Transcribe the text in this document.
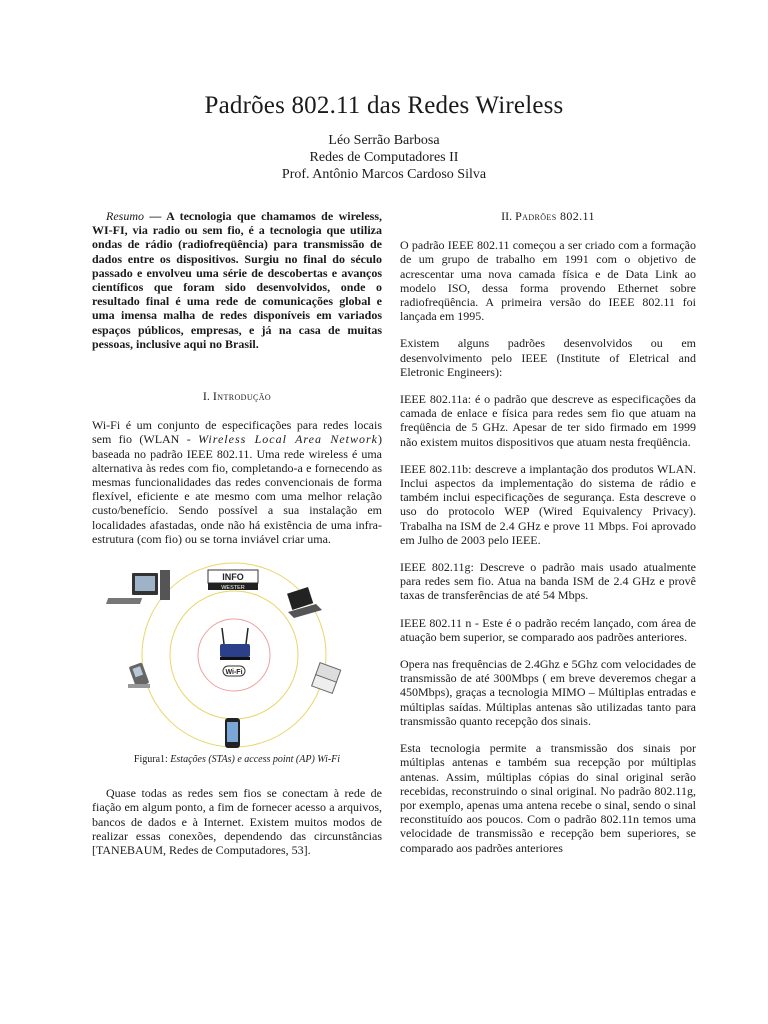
Padrões 802.11 das Redes Wireless
Léo Serrão Barbosa
Redes de Computadores II
Prof. Antônio Marcos Cardoso Silva

Resumo — A tecnologia que chamamos de wireless, WI-FI, via radio ou sem fio, é a tecnologia que utiliza ondas de rádio (radiofreqüência) para transmissão de dados entre os dispositivos. Surgiu no final do século passado e envolveu uma série de descobertas e avanços científicos que foram sido desenvolvidos, onde o resultado final é uma rede de comunicações global e uma imensa malha de redes disponíveis em variados espaços públicos, empresas, e já na casa de muitas pessoas, inclusive aqui no Brasil.

I. Introdução

Wi-Fi é um conjunto de especificações para redes locais sem fio (WLAN - Wireless Local Area Network) baseada no padrão IEEE 802.11. Uma rede wireless é uma alternativa às redes com fio, completando-a e fornecendo as mesmas funcionalidades das redes convencionais de forma flexível, eficiente e ate mesmo com uma melhor relação custo/benefício. Sendo possível a sua instalação em localidades afastadas, onde não há existência de uma infra-estrutura (com fio) ou se torna inviável criar uma.

INFO
WESTER
Wi-Fi

Figura1: Estações (STAs) e access point (AP) Wi-Fi

Quase todas as redes sem fios se conectam à rede de fiação em algum ponto, a fim de fornecer acesso a arquivos, bancos de dados e à Internet. Existem muitos modos de realizar essas conexões, dependendo das circunstâncias [TANEBAUM, Redes de Computadores, 53].

II. Padrões 802.11

O padrão IEEE 802.11 começou a ser criado com a formação de um grupo de trabalho em 1991 com o objetivo de acrescentar uma nova camada física e de Data Link ao modelo ISO, dessa forma provendo Ethernet sobre radiofreqüência. A primeira versão do IEEE 802.11 foi lançada em 1995.

Existem alguns padrões desenvolvidos ou em desenvolvimento pelo IEEE (Institute of Eletrical and Eletronic Engineers):

IEEE 802.11a: é o padrão que descreve as especificações da camada de enlace e física para redes sem fio que atuam na freqüência de 5 GHz. Apesar de ter sido firmado em 1999 não existem muitos dispositivos que atuam nesta freqüência.

IEEE 802.11b: descreve a implantação dos produtos WLAN. Inclui aspectos da implementação do sistema de rádio e também inclui especificações de segurança. Esta descreve o uso do protocolo WEP (Wired Equivalency Privacy). Trabalha na ISM de 2.4 GHz e prove 11 Mbps. Foi aprovado em Julho de 2003 pelo IEEE.

IEEE 802.11g: Descreve o padrão mais usado atualmente para redes sem fio. Atua na banda ISM de 2.4 GHz e provê taxas de transferências de até 54 Mbps.

IEEE 802.11 n - Este é o padrão recém lançado, com área de atuação bem superior, se comparado aos padrões anteriores.

Opera nas frequências de 2.4Ghz e 5Ghz com velocidades de transmissão de até 300Mbps ( em breve deveremos chegar a 450Mbps), graças a tecnologia MIMO – Múltiplas entradas e múltiplas saídas. Múltiplas antenas são utilizadas tanto para transmissão quanto recepção dos sinais.

Esta tecnologia permite a transmissão dos sinais por múltiplas antenas e também sua recepção por múltiplas antenas. Assim, múltiplas cópias do sinal original serão recebidas, reconstruindo o sinal original. No padrão 802.11g, por exemplo, apenas uma antena recebe o sinal, sendo o sinal reconstituído aos poucos. Com o padrão 802.11n temos uma velocidade de transmissão e recepção bem superiores, se comparado aos padrões anteriores
